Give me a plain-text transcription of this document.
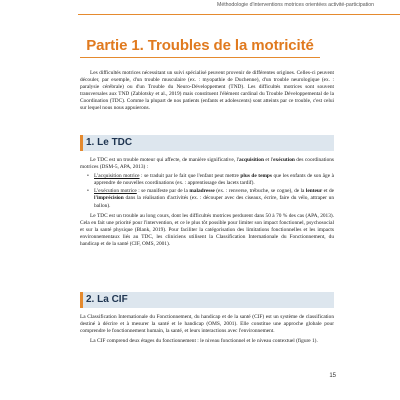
Méthodologie d'interventions motrices orientées activité-participation
Partie 1. Troubles de la motricité
Les difficultés motrices nécessitant un suivi spécialisé peuvent provenir de différentes origines. Celles-ci peuvent découler, par exemple, d'un trouble musculaire (ex. : myopathie de Duchenne), d'un trouble neurologique (ex. : paralysie cérébrale) ou d'un Trouble du Neuro-Développement (TND). Les difficultés motrices sont souvent transversales aux TND (Zablotsky et al., 2019) mais constituent l'élément cardinal du Trouble Développemental de la Coordination (TDC). Comme la plupart de nos patients (enfants et adolescents) sont atteints par ce trouble, c'est celui sur lequel nous nous appuierons.
1. Le TDC

Le TDC est un trouble moteur qui affecte, de manière significative, l'acquisition et l'exécution des coordinations motrices (DSM-5, APA, 2013) :

• L'acquisition motrice : se traduit par le fait que l'enfant peut mettre plus de temps que les enfants de son âge à apprendre de nouvelles coordinations (ex. : apprentissage des lacets tardif).
• L'exécution motrice : se manifeste par de la maladresse (ex. : renverse, trébuche, se cogne), de la lenteur et de l'imprécision dans la réalisation d'activités (ex. : découper avec des ciseaux, écrire, faire du vélo, attraper un ballon).

Le TDC est un trouble au long cours, dont les difficultés motrices perdurent dans 50 à 70 % des cas (APA, 2013). Cela en fait une priorité pour l'intervention, et ce le plus tôt possible pour limiter son impact fonctionnel, psychosocial et sur la santé physique (Blank, 2019). Pour faciliter la catégorisation des limitations fonctionnelles et les impacts environnementaux liés au TDC, les cliniciens utilisent la Classification Internationale du Fonctionnement, du handicap et de la santé (CIF, OMS, 2001).

2. La CIF

La Classification Internationale du Fonctionnement, du handicap et de la santé (CIF) est un système de classification destiné à décrire et à mesurer la santé et le handicap (OMS, 2001). Elle constitue une approche globale pour comprendre le fonctionnement humain, la santé, et leurs interactions avec l'environnement.

La CIF comprend deux étages du fonctionnement : le niveau fonctionnel et le niveau contextuel (figure 1).

15
